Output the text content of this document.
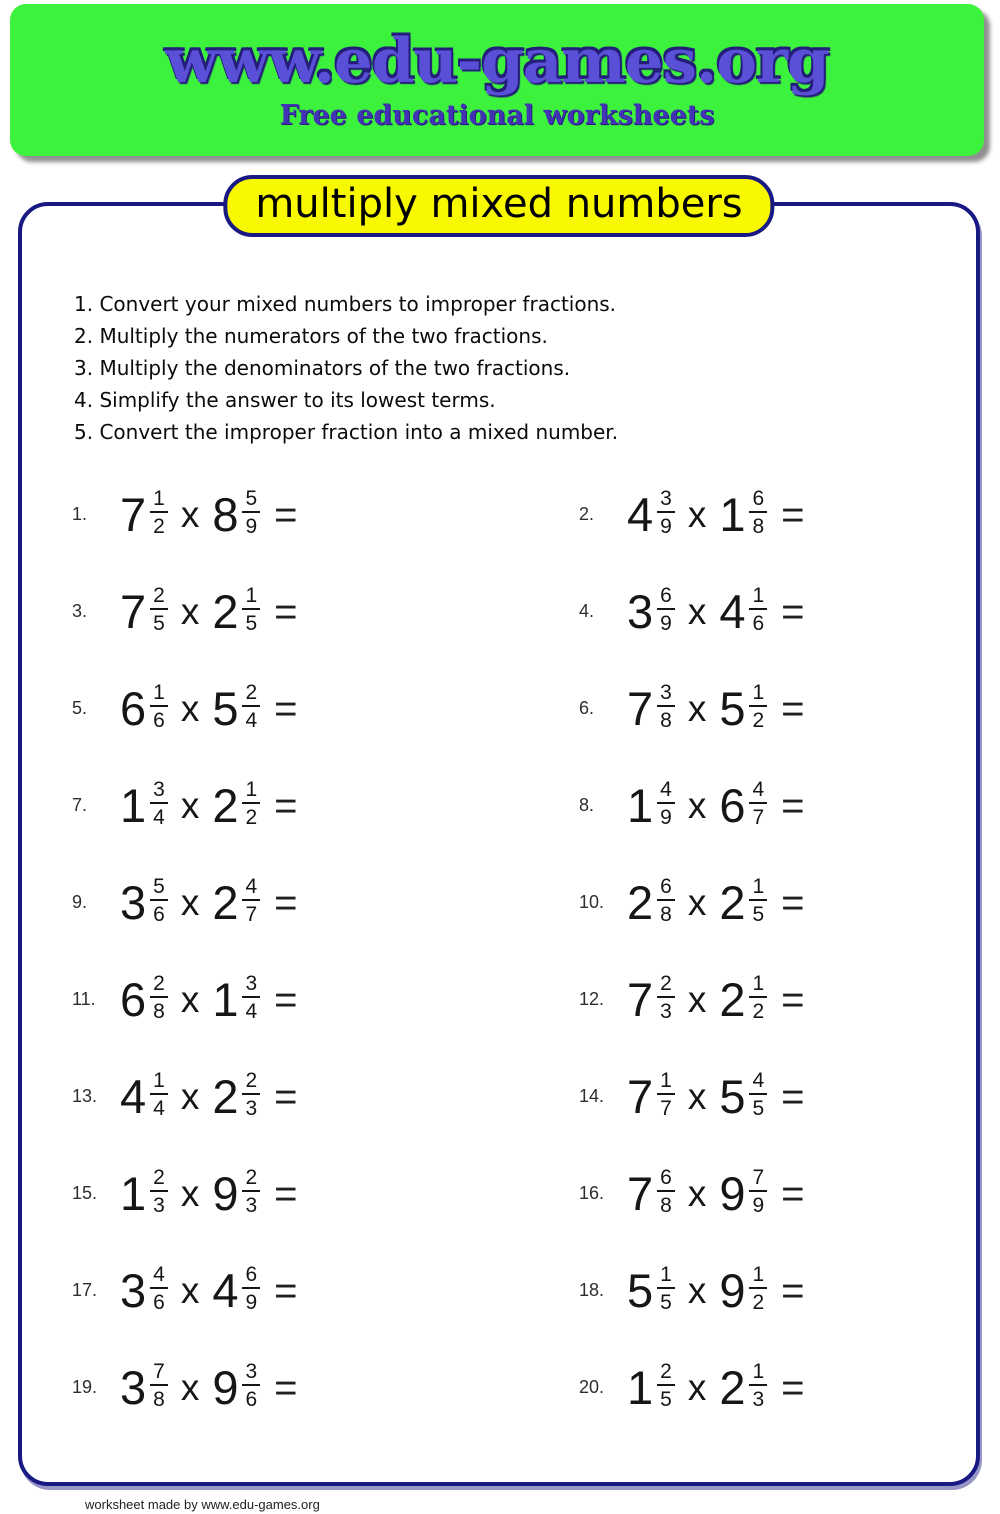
www.edu-games.org
Free educational worksheets
multiply mixed numbers
1. Convert your mixed numbers to improper fractions.
2. Multiply the numerators of the two fractions.
3. Multiply the denominators of the two fractions.
4. Simplify the answer to its lowest terms.
5. Convert the improper fraction into a mixed number.
1. $7 \frac{1}{2}$ x $8 \frac{5}{9}$ =	2. $4 \frac{3}{9}$ x $1 \frac{6}{8}$ =
3. $7 \frac{2}{5}$ x $2 \frac{1}{5}$ =	4. $3 \frac{6}{9}$ x $4 \frac{1}{6}$ =
5. $6 \frac{1}{6}$ x $5 \frac{2}{4}$ =	6. $7 \frac{3}{8}$ x $5 \frac{1}{2}$ =
7. $1 \frac{3}{4}$ x $2 \frac{1}{2}$ =	8. $1 \frac{4}{9}$ x $6 \frac{4}{7}$ =
9. $3 \frac{5}{6}$ x $2 \frac{4}{7}$ =	10. $2 \frac{6}{8}$ x $2 \frac{1}{5}$ =
11. $6 \frac{2}{8}$ x $1 \frac{3}{4}$ =	12. $7 \frac{2}{3}$ x $2 \frac{1}{2}$ =
13. $4 \frac{1}{4}$ x $2 \frac{2}{3}$ =	14. $7 \frac{1}{7}$ x $5 \frac{4}{5}$ =
15. $1 \frac{2}{3}$ x $9 \frac{2}{3}$ =	16. $7 \frac{6}{8}$ x $9 \frac{7}{9}$ =
17. $3 \frac{4}{6}$ x $4 \frac{6}{9}$ =	18. $5 \frac{1}{5}$ x $9 \frac{1}{2}$ =
19. $3 \frac{7}{8}$ x $9 \frac{3}{6}$ =	20. $1 \frac{2}{5}$ x $2 \frac{1}{3}$ =
worksheet made by www.edu-games.org
